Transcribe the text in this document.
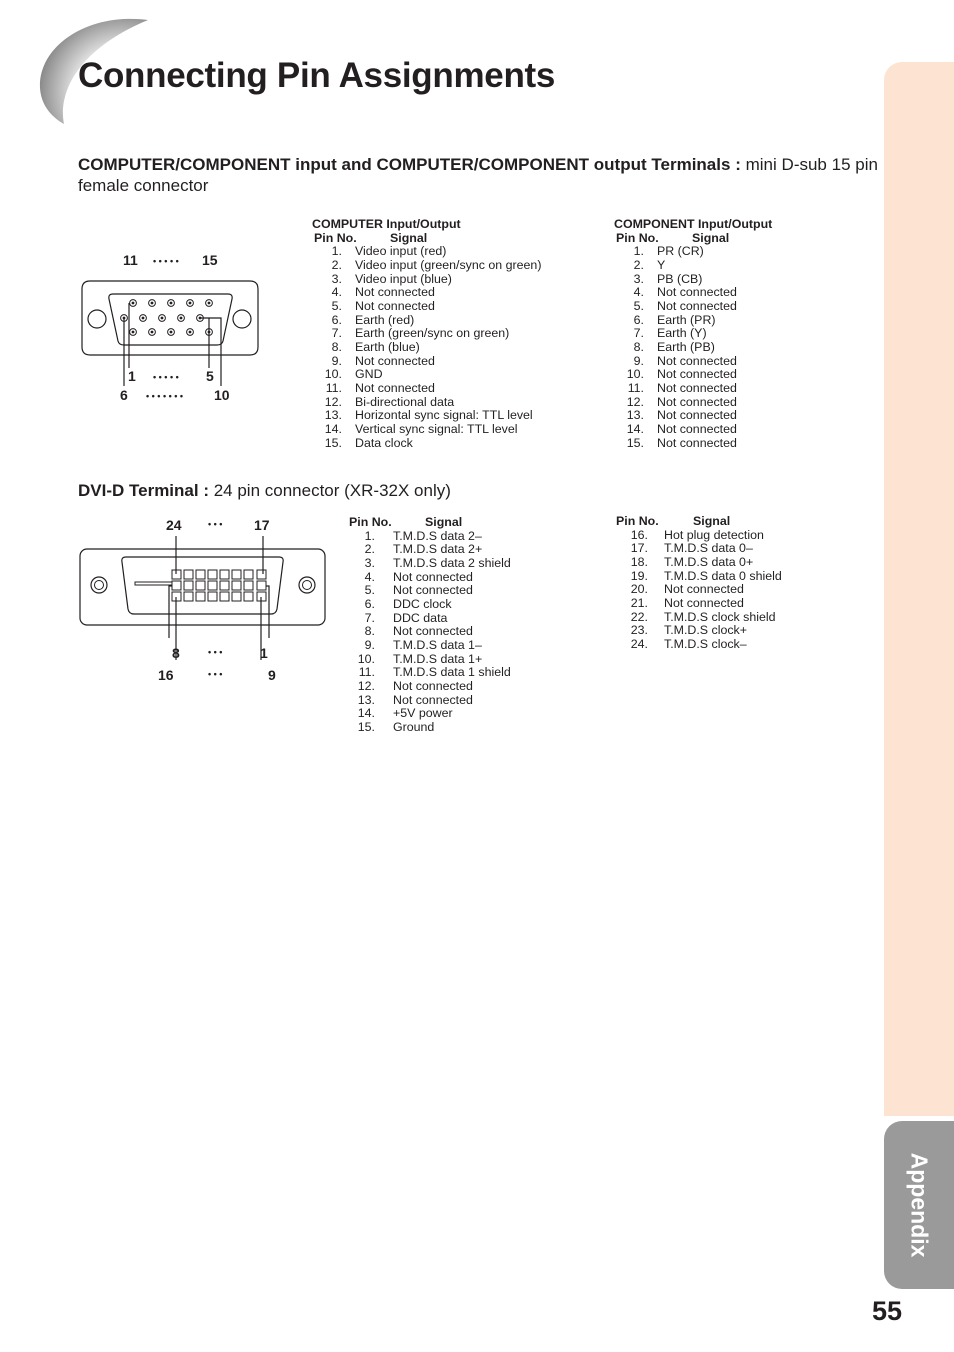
Connecting Pin Assignments
Appendix
55
COMPUTER/COMPONENT input and COMPUTER/COMPONENT output Terminals : mini D-sub 15 pin female connector
11 • • • • • 15
1 • • • • • 5
6 • • • • • • • 10
COMPUTER Input/Output
Pin No.	Signal
1. Video input (red)
2. Video input (green/sync on green)
3. Video input (blue)
4. Not connected
5. Not connected
6. Earth (red)
7. Earth (green/sync on green)
8. Earth (blue)
9. Not connected
10. GND
11. Not connected
12. Bi-directional data
13. Horizontal sync signal: TTL level
14. Vertical sync signal: TTL level
15. Data clock
COMPONENT Input/Output
Pin No.	Signal
1. PR (CR)
2. Y
3. PB (CB)
4. Not connected
5. Not connected
6. Earth (PR)
7. Earth (Y)
8. Earth (PB)
9. Not connected
10. Not connected
11. Not connected
12. Not connected
13. Not connected
14. Not connected
15. Not connected
DVI-D Terminal : 24 pin connector (XR-32X only)
24	• • • 17
8	• • •	1
16	• • •	9
Pin No.	Signal
1. T.M.D.S data 2–
2. T.M.D.S data 2+
3. T.M.D.S data 2 shield
4. Not connected
5. Not connected
6. DDC clock
7. DDC data
8. Not connected
9. T.M.D.S data 1–
10. T.M.D.S data 1+
11. T.M.D.S data 1 shield
12. Not connected
13. Not connected
14. +5V power
15. Ground
Pin No.	Signal
16. Hot plug detection
17. T.M.D.S data 0–
18. T.M.D.S data 0+
19. T.M.D.S data 0 shield
20. Not connected
21. Not connected
22. T.M.D.S clock shield
23. T.M.D.S clock+
24. T.M.D.S clock–
